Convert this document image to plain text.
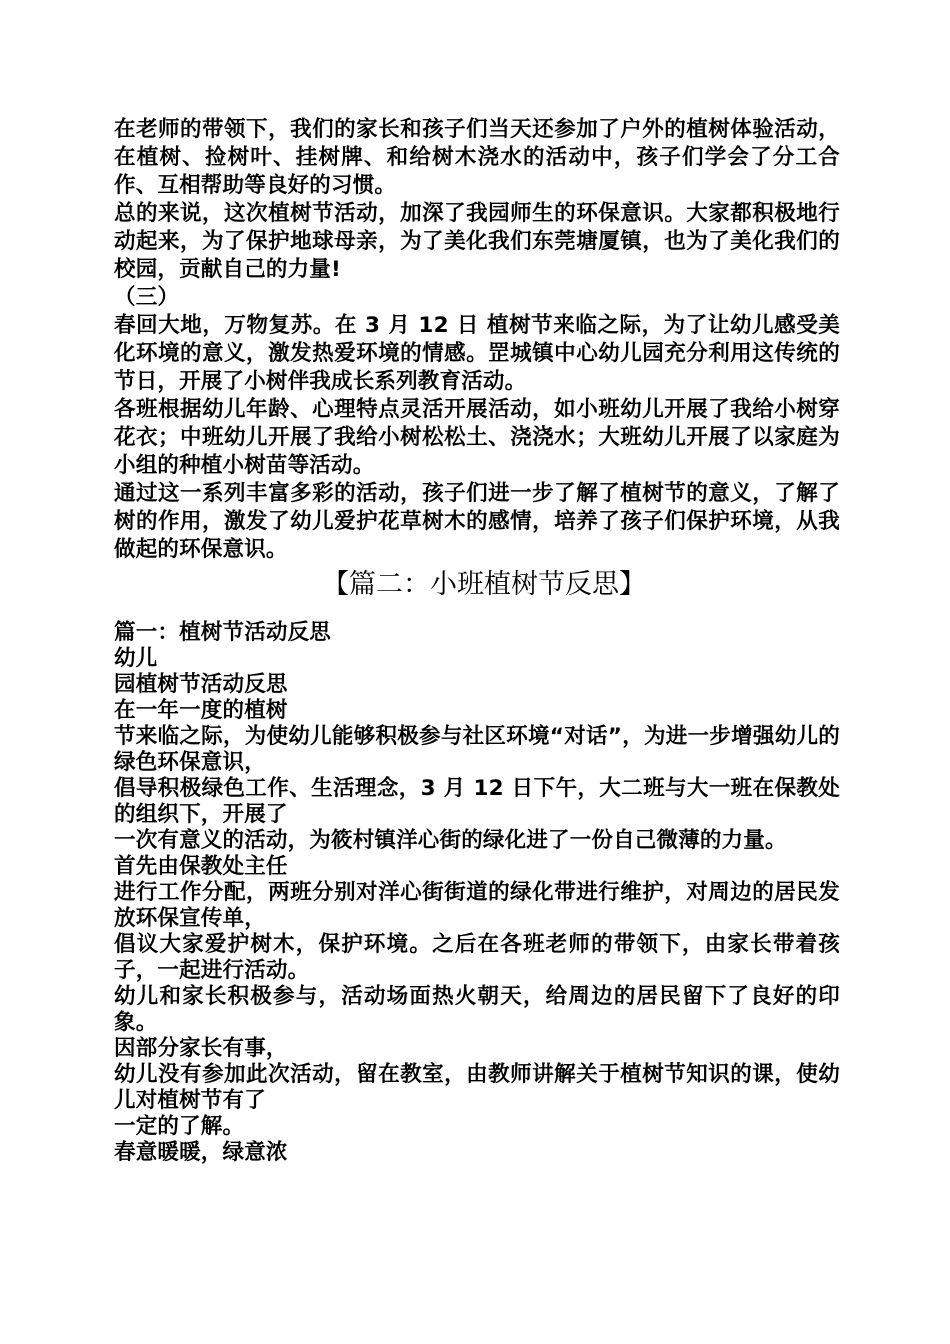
在老师的带领下，我们的家长和孩子们当天还参加了户外的植树体验活动，在植树、捡树叶、挂树牌、和给树木浇水的活动中，孩子们学会了分工合作、互相帮助等良好的习惯。

总的来说，这次植树节活动，加深了我园师生的环保意识。大家都积极地行动起来，为了保护地球母亲，为了美化我们东莞塘厦镇，也为了美化我们的校园，贡献自己的力量!

（三）

春回大地，万物复苏。在 3 月 12 日 植树节来临之际，为了让幼儿感受美化环境的意义，激发热爱环境的情感。罡城镇中心幼儿园充分利用这传统的节日，开展了小树伴我成长系列教育活动。

各班根据幼儿年龄、心理特点灵活开展活动，如小班幼儿开展了我给小树穿花衣；中班幼儿开展了我给小树松松土、浇浇水；大班幼儿开展了以家庭为小组的种植小树苗等活动。

通过这一系列丰富多彩的活动，孩子们进一步了解了植树节的意义，了解了树的作用，激发了幼儿爱护花草树木的感情，培养了孩子们保护环境，从我做起的环保意识。

【篇二：小班植树节反思】

篇一：植树节活动反思

幼儿

园植树节活动反思

在一年一度的植树

节来临之际，为使幼儿能够积极参与社区环境“对话”，为进一步增强幼儿的绿色环保意识，

倡导积极绿色工作、生活理念，3 月 12 日下午，大二班与大一班在保教处的组织下，开展了

一次有意义的活动，为筱村镇洋心街的绿化进了一份自己微薄的力量。

首先由保教处主任

进行工作分配，两班分别对洋心街街道的绿化带进行维护，对周边的居民发放环保宣传单，

倡议大家爱护树木，保护环境。之后在各班老师的带领下，由家长带着孩子，一起进行活动。

幼儿和家长积极参与，活动场面热火朝天，给周边的居民留下了良好的印象。

因部分家长有事，

幼儿没有参加此次活动，留在教室，由教师讲解关于植树节知识的课，使幼儿对植树节有了

一定的了解。

春意暖暖，绿意浓
